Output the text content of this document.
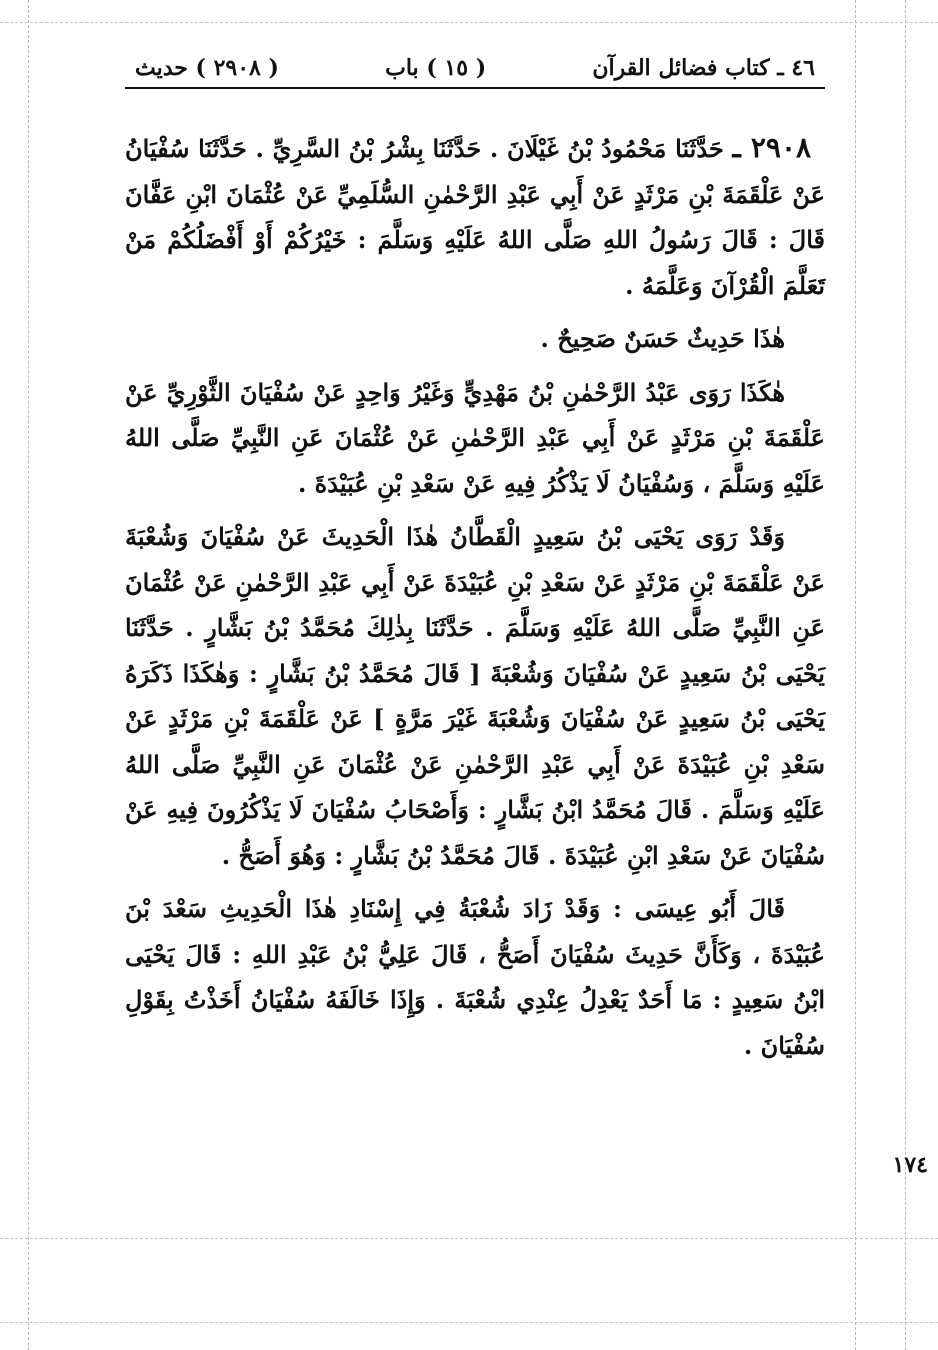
٤٦ ـ كتاب فضائل القرآن
( ١٥ ) باب
( ٢٩٠٨ ) حديث

٢٩٠٨ ـ حَدَّثَنَا مَحْمُودُ بْنُ غَيْلَانَ . حَدَّثَنَا بِشْرُ بْنُ السَّرِيِّ . حَدَّثَنَا سُفْيَانُ عَنْ عَلْقَمَةَ بْنِ مَرْثَدٍ عَنْ أَبِي عَبْدِ الرَّحْمٰنِ السُّلَمِيِّ عَنْ عُثْمَانَ ابْنِ عَفَّانَ قَالَ : قَالَ رَسُولُ اللهِ صَلَّى اللهُ عَلَيْهِ وَسَلَّمَ : خَيْرُكُمْ أَوْ أَفْضَلُكُمْ مَنْ تَعَلَّمَ الْقُرْآنَ وَعَلَّمَهُ .

هٰذَا حَدِيثٌ حَسَنٌ صَحِيحٌ .

هٰكَذَا رَوَى عَبْدُ الرَّحْمٰنِ بْنُ مَهْدِيٍّ وَغَيْرُ وَاحِدٍ عَنْ سُفْيَانَ الثَّوْرِيِّ عَنْ عَلْقَمَةَ بْنِ مَرْثَدٍ عَنْ أَبِي عَبْدِ الرَّحْمٰنِ عَنْ عُثْمَانَ عَنِ النَّبِيِّ صَلَّى اللهُ عَلَيْهِ وَسَلَّمَ ، وَسُفْيَانُ لَا يَذْكُرُ فِيهِ عَنْ سَعْدِ بْنِ عُبَيْدَةَ .

وَقَدْ رَوَى يَحْيَى بْنُ سَعِيدٍ الْقَطَّانُ هٰذَا الْحَدِيثَ عَنْ سُفْيَانَ وَشُعْبَةَ عَنْ عَلْقَمَةَ بْنِ مَرْثَدٍ عَنْ سَعْدِ بْنِ عُبَيْدَةَ عَنْ أَبِي عَبْدِ الرَّحْمٰنِ عَنْ عُثْمَانَ عَنِ النَّبِيِّ صَلَّى اللهُ عَلَيْهِ وَسَلَّمَ . حَدَّثَنَا بِذٰلِكَ مُحَمَّدُ بْنُ بَشَّارٍ . حَدَّثَنَا يَحْيَى بْنُ سَعِيدٍ عَنْ سُفْيَانَ وَشُعْبَةَ [ قَالَ مُحَمَّدُ بْنُ بَشَّارٍ : وَهٰكَذَا ذَكَرَهُ يَحْيَى بْنُ سَعِيدٍ عَنْ سُفْيَانَ وَشُعْبَةَ غَيْرَ مَرَّةٍ ] عَنْ عَلْقَمَةَ بْنِ مَرْثَدٍ عَنْ سَعْدِ بْنِ عُبَيْدَةَ عَنْ أَبِي عَبْدِ الرَّحْمٰنِ عَنْ عُثْمَانَ عَنِ النَّبِيِّ صَلَّى اللهُ عَلَيْهِ وَسَلَّمَ . قَالَ مُحَمَّدُ ابْنُ بَشَّارٍ : وَأَصْحَابُ سُفْيَانَ لَا يَذْكُرُونَ فِيهِ عَنْ سُفْيَانَ عَنْ سَعْدِ ابْنِ عُبَيْدَةَ . قَالَ مُحَمَّدُ بْنُ بَشَّارٍ : وَهُوَ أَصَحُّ .

قَالَ أَبُو عِيسَى : وَقَدْ زَادَ شُعْبَةُ فِي إِسْنَادِ هٰذَا الْحَدِيثِ سَعْدَ بْنَ عُبَيْدَةَ ، وَكَأَنَّ حَدِيثَ سُفْيَانَ أَصَحُّ ، قَالَ عَلِيُّ بْنُ عَبْدِ اللهِ : قَالَ يَحْيَى ابْنُ سَعِيدٍ : مَا أَحَدٌ يَعْدِلُ عِنْدِي شُعْبَةَ . وَإِذَا خَالَفَهُ سُفْيَانُ أَخَذْتُ بِقَوْلِ سُفْيَانَ .

١٧٤
